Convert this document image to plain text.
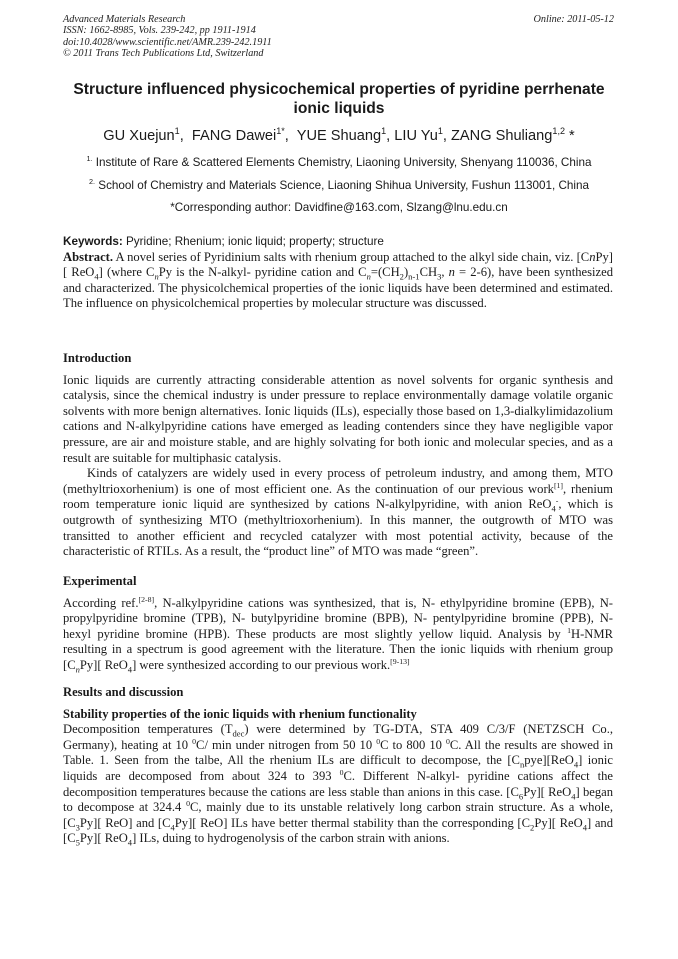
Advanced Materials Research
ISSN: 1662-8985, Vols. 239-242, pp 1911-1914
doi:10.4028/www.scientific.net/AMR.239-242.1911
© 2011 Trans Tech Publications Ltd, Switzerland
Online: 2011-05-12
Structure influenced physicochemical properties of pyridine perrhenate
ionic liquids
GU Xuejun$^1$, FANG Dawei$^{1*}$, YUE Shuang$^1$, LIU Yu$^1$, ZANG Shuliang$^{1,2}$ *
$^{1.}$ Institute of Rare & Scattered Elements Chemistry, Liaoning University, Shenyang 110036, China
$^{2.}$ School of Chemistry and Materials Science, Liaoning Shihua University, Fushun 113001, China
*Corresponding author: Davidfine@163.com, Slzang@lnu.edu.cn

Keywords: Pyridine; Rhenium; ionic liquid; property; structure

Abstract. A novel series of Pyridinium salts with rhenium group attached to the alkyl side chain, viz. [CnPy][ ReO$_4$] (where $C_nPy$ is the N-alkyl- pyridine cation and $C_n=(CH_2)_{n-1}CH_3$, n = 2-6), have been synthesized and characterized. The physicolchemical properties of the ionic liquids have been determined and estimated. The influence on physicolchemical properties by molecular structure was discussed.

Introduction

Ionic liquids are currently attracting considerable attention as novel solvents for organic synthesis and catalysis, since the chemical industry is under pressure to replace environmentally damage volatile organic solvents with more benign alternatives. Ionic liquids (ILs), especially those based on 1,3-dialkylimidazolium cations and N-alkylpyridine cations have emerged as leading contenders since they have negligible vapor pressure, are air and moisture stable, and are highly solvating for both ionic and molecular species, and as a result are suitable for multiphasic catalysis.

Kinds of catalyzers are widely used in every process of petroleum industry, and among them, MTO (methyltrioxorhenium) is one of most efficient one. As the continuation of our previous work[1], rhenium room temperature ionic liquid are synthesized by cations N-alkylpyridine, with anion ReO$_4$-, which is outgrowth of synthesizing MTO (methyltrioxorhenium). In this manner, the outgrowth of MTO was transitted to another efficient and recycled catalyzer with most potential activity, because of the characteristic of RTILs. As a result, the “product line” of MTO was made “green”.

Experimental

According ref.[2-8], N-alkylpyridine cations was synthesized, that is, N- ethylpyridine bromine (EPB), N- propylpyridine bromine (TPB), N- butylpyridine bromine (BPB), N- pentylpyridine bromine (PPB), N- hexyl pyridine bromine (HPB). These products are most slightly yellow liquid. Analysis by $^1$H-NMR resulting in a spectrum is good agreement with the literature. Then the ionic liquids with rhenium group $[C_nPy]$[ ReO$_4$] were synthesized according to our previous work.[9-13]

Results and discussion

Stability properties of the ionic liquids with rhenium functionality

Decomposition temperatures $(T_{dec})$ were determined by TG-DTA, STA 409 C/3/F (NETZSCH Co., Germany), heating at 10 $^0$C/ min under nitrogen from 50 10 $^0$C to 800 10 $^0$C. All the results are showed in Table. 1. Seen from the talbe, All the rhenium ILs are difficult to decompose, the $[C_npye][ReO_4]$ ionic liquids are decomposed from about 324 to 393 $^0$C. Different N-alkyl- pyridine cations affect the decomposition temperatures because the cations are less stable than anions in this case. $[C_6Py]$[ ReO$_4$] began to decompose at 324.4 $^0$C, mainly due to its unstable relatively long carbon strain structure. As a whole, $[C_3Py]$[ ReO] and $[C_4Py]$[ ReO] ILs have better thermal stability than the corresponding $[C_2Py]$[ ReO$_4$] and $[C_5Py]$[ ReO$_4$] ILs, duing to hydrogenolysis of the carbon strain with anions.
